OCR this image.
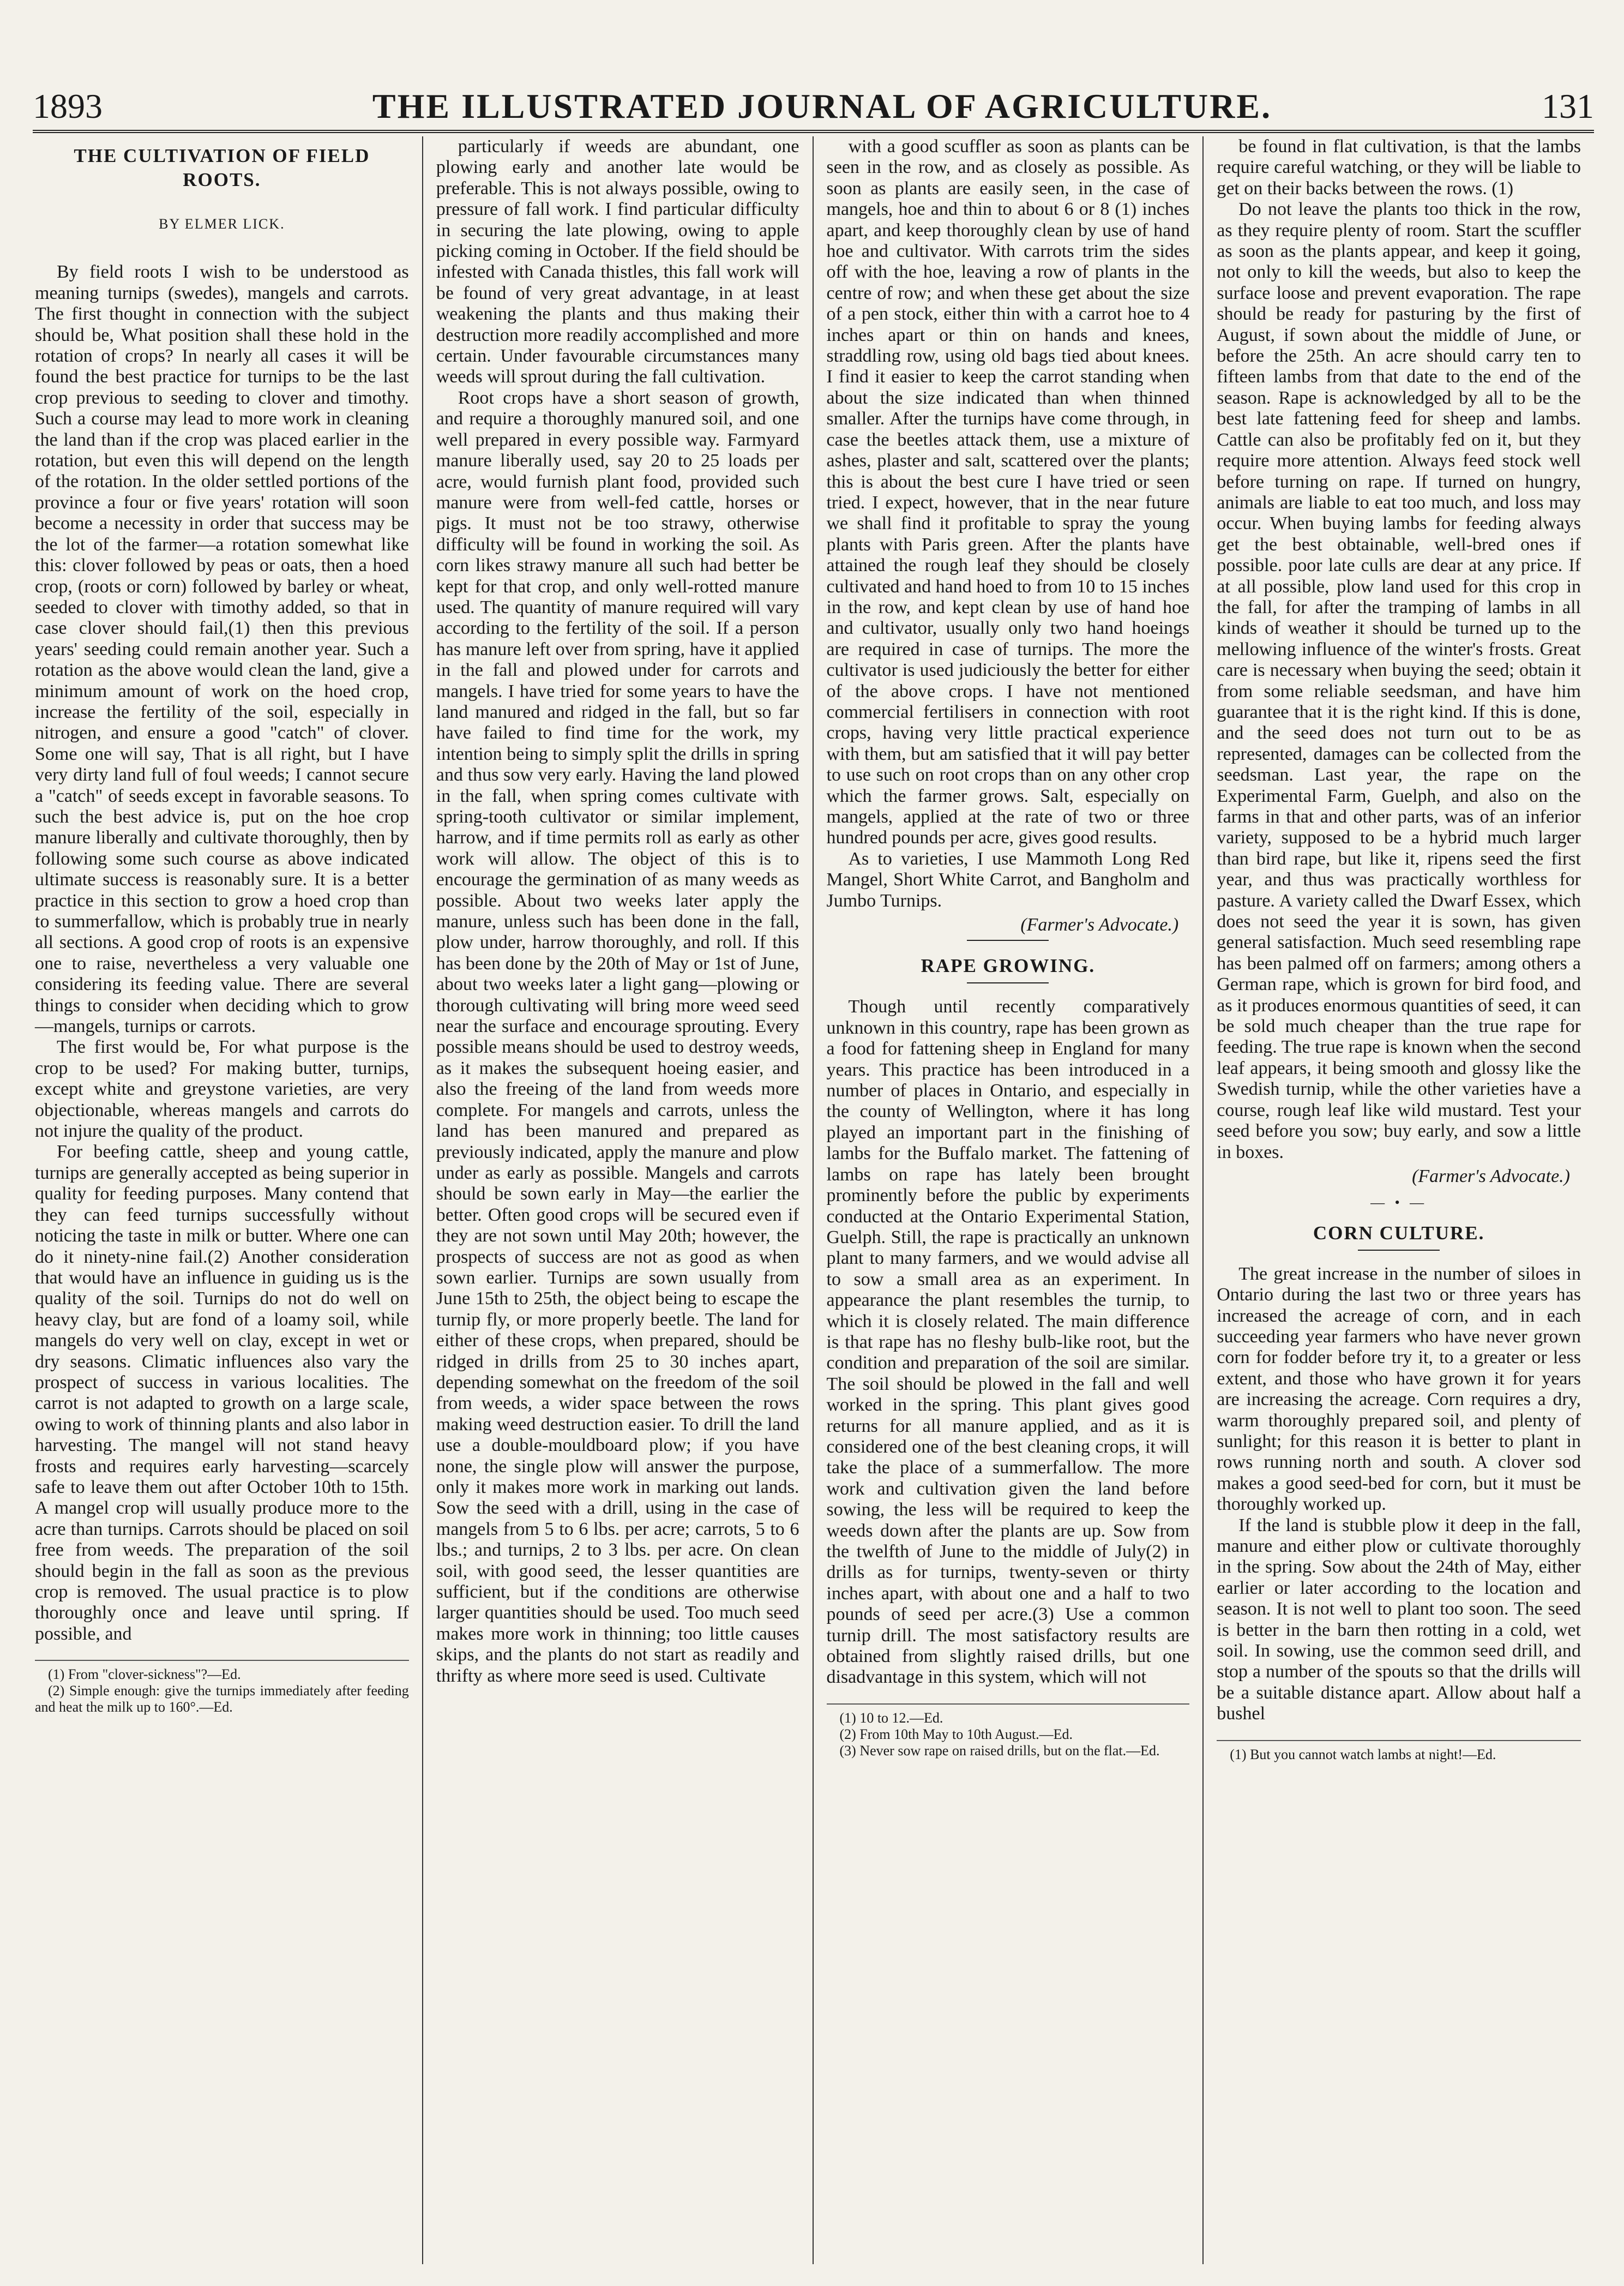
1893	THE ILLUSTRATED JOURNAL OF AGRICULTURE.	131
THE CULTIVATION OF FIELD ROOTS.
BY ELMER LICK.

By field roots I wish to be understood as meaning turnips (swedes), mangels and carrots. The first thought in connection with the subject should be, What position shall these hold in the rotation of crops? In nearly all cases it will be found the best practice for turnips to be the last crop previous to seeding to clover and timothy. Such a course may lead to more work in cleaning the land than if the crop was placed earlier in the rotation, but even this will depend on the length of the rotation. In the older settled portions of the province a four or five years' rotation will soon become a necessity in order that success may be the lot of the farmer—a rotation somewhat like this: clover followed by peas or oats, then a hoed crop, (roots or corn) followed by barley or wheat, seeded to clover with timothy added, so that in case clover should fail,(1) then this previous years' seeding could remain another year. Such a rotation as the above would clean the land, give a minimum amount of work on the hoed crop, increase the fertility of the soil, especially in nitrogen, and ensure a good "catch" of clover. Some one will say, That is all right, but I have very dirty land full of foul weeds; I cannot secure a "catch" of seeds except in favorable seasons. To such the best advice is, put on the hoe crop manure liberally and cultivate thoroughly, then by following some such course as above indicated ultimate success is reasonably sure. It is a better practice in this section to grow a hoed crop than to summerfallow, which is probably true in nearly all sections. A good crop of roots is an expensive one to raise, nevertheless a very valuable one considering its feeding value. There are several things to consider when deciding which to grow—mangels, turnips or carrots.

The first would be, For what purpose is the crop to be used? For making butter, turnips, except white and greystone varieties, are very objectionable, whereas mangels and carrots do not injure the quality of the product.

For beefing cattle, sheep and young cattle, turnips are generally accepted as being superior in quality for feeding purposes. Many contend that they can feed turnips successfully without noticing the taste in milk or butter. Where one can do it ninety-nine fail.(2) Another consideration that would have an influence in guiding us is the quality of the soil. Turnips do not do well on heavy clay, but are fond of a loamy soil, while mangels do very well on clay, except in wet or dry seasons. Climatic influences also vary the prospect of success in various localities. The carrot is not adapted to growth on a large scale, owing to work of thinning plants and also labor in harvesting. The mangel will not stand heavy frosts and requires early harvesting—scarcely safe to leave them out after October 10th to 15th. A mangel crop will usually produce more to the acre than turnips. Carrots should be placed on soil free from weeds. The preparation of the soil should begin in the fall as soon as the previous crop is removed. The usual practice is to plow thoroughly once and leave until spring. If possible, and

(1) From "clover-sickness"?—Ed.
(2) Simple enough: give the turnips immediately after feeding and heat the milk up to 160°.—Ed.

particularly if weeds are abundant, one plowing early and another late would be preferable. This is not always possible, owing to pressure of fall work. I find particular difficulty in securing the late plowing, owing to apple picking coming in October. If the field should be infested with Canada thistles, this fall work will be found of very great advantage, in at least weakening the plants and thus making their destruction more readily accomplished and more certain. Under favourable circumstances many weeds will sprout during the fall cultivation.

Root crops have a short season of growth, and require a thoroughly manured soil, and one well prepared in every possible way. Farmyard manure liberally used, say 20 to 25 loads per acre, would furnish plant food, provided such manure were from well-fed cattle, horses or pigs. It must not be too strawy, otherwise difficulty will be found in working the soil. As corn likes strawy manure all such had better be kept for that crop, and only well-rotted manure used. The quantity of manure required will vary according to the fertility of the soil. If a person has manure left over from spring, have it applied in the fall and plowed under for carrots and mangels. I have tried for some years to have the land manured and ridged in the fall, but so far have failed to find time for the work, my intention being to simply split the drills in spring and thus sow very early. Having the land plowed in the fall, when spring comes cultivate with spring-tooth cultivator or similar implement, harrow, and if time permits roll as early as other work will allow. The object of this is to encourage the germination of as many weeds as possible. About two weeks later apply the manure, unless such has been done in the fall, plow under, harrow thoroughly, and roll. If this has been done by the 20th of May or 1st of June, about two weeks later a light gang—plowing or thorough cultivating will bring more weed seed near the surface and encourage sprouting. Every possible means should be used to destroy weeds, as it makes the subsequent hoeing easier, and also the freeing of the land from weeds more complete. For mangels and carrots, unless the land has been manured and prepared as previously indicated, apply the manure and plow under as early as possible. Mangels and carrots should be sown early in May—the earlier the better. Often good crops will be secured even if they are not sown until May 20th; however, the prospects of success are not as good as when sown earlier. Turnips are sown usually from June 15th to 25th, the object being to escape the turnip fly, or more properly beetle. The land for either of these crops, when prepared, should be ridged in drills from 25 to 30 inches apart, depending somewhat on the freedom of the soil from weeds, a wider space between the rows making weed destruction easier. To drill the land use a double-mouldboard plow; if you have none, the single plow will answer the purpose, only it makes more work in marking out lands. Sow the seed with a drill, using in the case of mangels from 5 to 6 lbs. per acre; carrots, 5 to 6 lbs.; and turnips, 2 to 3 lbs. per acre. On clean soil, with good seed, the lesser quantities are sufficient, but if the conditions are otherwise larger quantities should be used. Too much seed makes more work in thinning; too little causes skips, and the plants do not start as readily and thrifty as where more seed is used. Cultivate

with a good scuffler as soon as plants can be seen in the row, and as closely as possible. As soon as plants are easily seen, in the case of mangels, hoe and thin to about 6 or 8 (1) inches apart, and keep thoroughly clean by use of hand hoe and cultivator. With carrots trim the sides off with the hoe, leaving a row of plants in the centre of row; and when these get about the size of a pen stock, either thin with a carrot hoe to 4 inches apart or thin on hands and knees, straddling row, using old bags tied about knees. I find it easier to keep the carrot standing when about the size indicated than when thinned smaller. After the turnips have come through, in case the beetles attack them, use a mixture of ashes, plaster and salt, scattered over the plants; this is about the best cure I have tried or seen tried. I expect, however, that in the near future we shall find it profitable to spray the young plants with Paris green. After the plants have attained the rough leaf they should be closely cultivated and hand hoed to from 10 to 15 inches in the row, and kept clean by use of hand hoe and cultivator, usually only two hand hoeings are required in case of turnips. The more the cultivator is used judiciously the better for either of the above crops. I have not mentioned commercial fertilisers in connection with root crops, having very little practical experience with them, but am satisfied that it will pay better to use such on root crops than on any other crop which the farmer grows. Salt, especially on mangels, applied at the rate of two or three hundred pounds per acre, gives good results.

As to varieties, I use Mammoth Long Red Mangel, Short White Carrot, and Bangholm and Jumbo Turnips.

(Farmer's Advocate.)
RAPE GROWING.

Though until recently comparatively unknown in this country, rape has been grown as a food for fattening sheep in England for many years. This practice has been introduced in a number of places in Ontario, and especially in the county of Wellington, where it has long played an important part in the finishing of lambs for the Buffalo market. The fattening of lambs on rape has lately been brought prominently before the public by experiments conducted at the Ontario Experimental Station, Guelph. Still, the rape is practically an unknown plant to many farmers, and we would advise all to sow a small area as an experiment. In appearance the plant resembles the turnip, to which it is closely related. The main difference is that rape has no fleshy bulb-like root, but the condition and preparation of the soil are similar. The soil should be plowed in the fall and well worked in the spring. This plant gives good returns for all manure applied, and as it is considered one of the best cleaning crops, it will take the place of a summerfallow. The more work and cultivation given the land before sowing, the less will be required to keep the weeds down after the plants are up. Sow from the twelfth of June to the middle of July(2) in drills as for turnips, twenty-seven or thirty inches apart, with about one and a half to two pounds of seed per acre.(3) Use a common turnip drill. The most satisfactory results are obtained from slightly raised drills, but one disadvantage in this system, which will not

(1) 10 to 12.—Ed.
(2) From 10th May to 10th August.—Ed.
(3) Never sow rape on raised drills, but on the flat.—Ed.

be found in flat cultivation, is that the lambs require careful watching, or they will be liable to get on their backs between the rows. (1)

Do not leave the plants too thick in the row, as they require plenty of room. Start the scuffler as soon as the plants appear, and keep it going, not only to kill the weeds, but also to keep the surface loose and prevent evaporation. The rape should be ready for pasturing by the first of August, if sown about the middle of June, or before the 25th. An acre should carry ten to fifteen lambs from that date to the end of the season. Rape is acknowledged by all to be the best late fattening feed for sheep and lambs. Cattle can also be profitably fed on it, but they require more attention. Always feed stock well before turning on rape. If turned on hungry, animals are liable to eat too much, and loss may occur. When buying lambs for feeding always get the best obtainable, well-bred ones if possible. poor late culls are dear at any price. If at all possible, plow land used for this crop in the fall, for after the tramping of lambs in all kinds of weather it should be turned up to the mellowing influence of the winter's frosts. Great care is necessary when buying the seed; obtain it from some reliable seedsman, and have him guarantee that it is the right kind. If this is done, and the seed does not turn out to be as represented, damages can be collected from the seedsman. Last year, the rape on the Experimental Farm, Guelph, and also on the farms in that and other parts, was of an inferior variety, supposed to be a hybrid much larger than bird rape, but like it, ripens seed the first year, and thus was practically worthless for pasture. A variety called the Dwarf Essex, which does not seed the year it is sown, has given general satisfaction. Much seed resembling rape has been palmed off on farmers; among others a German rape, which is grown for bird food, and as it produces enormous quantities of seed, it can be sold much cheaper than the true rape for feeding. The true rape is known when the second leaf appears, it being smooth and glossy like the Swedish turnip, while the other varieties have a course, rough leaf like wild mustard. Test your seed before you sow; buy early, and sow a little in boxes.

(Farmer's Advocate.)
— • —
CORN CULTURE.

The great increase in the number of siloes in Ontario during the last two or three years has increased the acreage of corn, and in each succeeding year farmers who have never grown corn for fodder before try it, to a greater or less extent, and those who have grown it for years are increasing the acreage. Corn requires a dry, warm thoroughly prepared soil, and plenty of sunlight; for this reason it is better to plant in rows running north and south. A clover sod makes a good seed-bed for corn, but it must be thoroughly worked up.

If the land is stubble plow it deep in the fall, manure and either plow or cultivate thoroughly in the spring. Sow about the 24th of May, either earlier or later according to the location and season. It is not well to plant too soon. The seed is better in the barn then rotting in a cold, wet soil. In sowing, use the common seed drill, and stop a number of the spouts so that the drills will be a suitable distance apart. Allow about half a bushel

(1) But you cannot watch lambs at night!—Ed.
